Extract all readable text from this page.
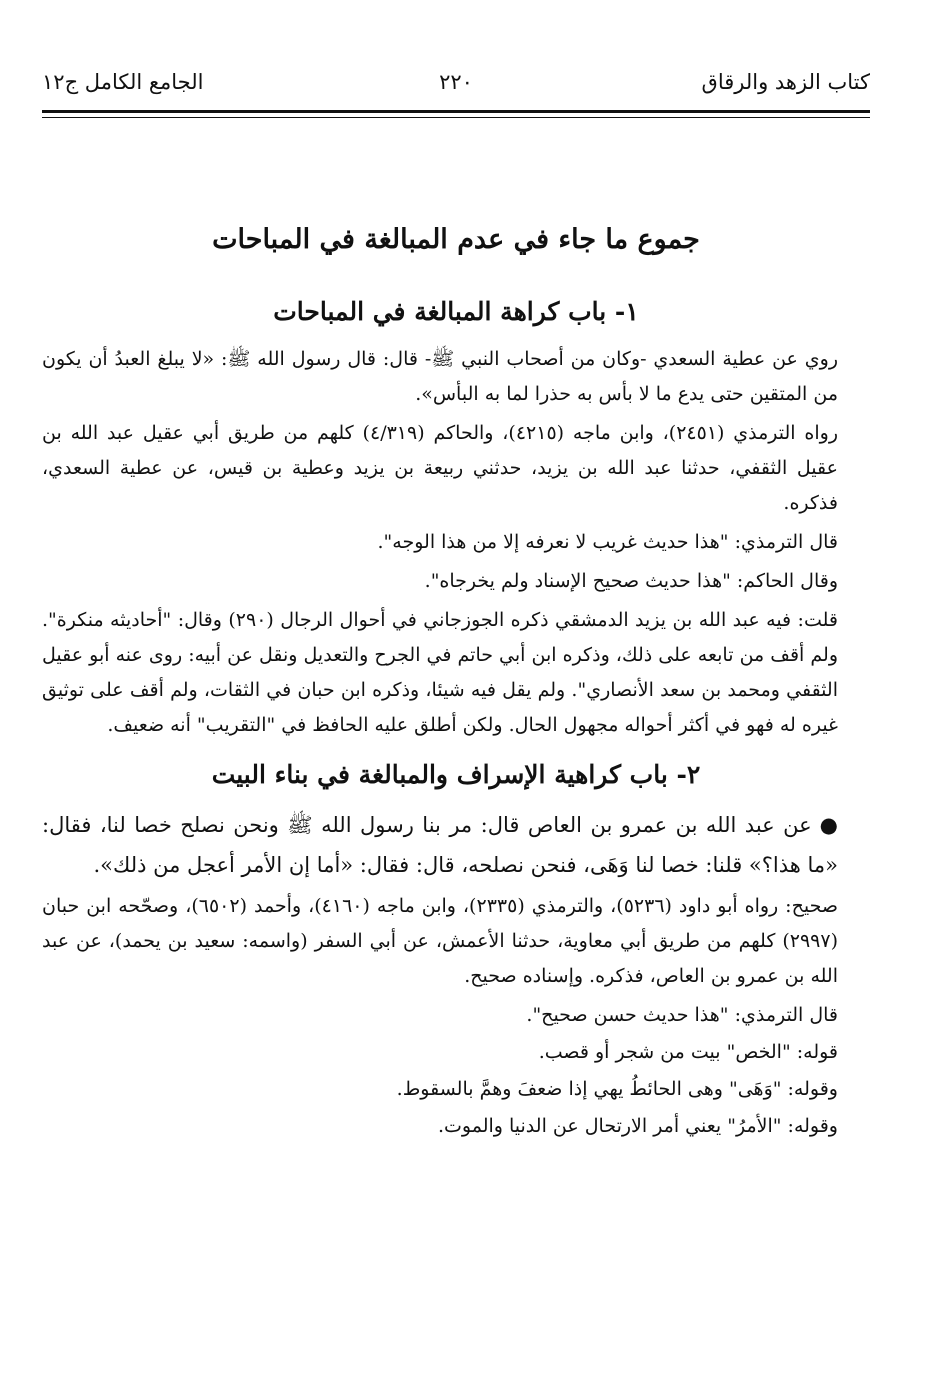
كتاب الزهد والرقاق
٢٢٠
الجامع الكامل ج١٢
جموع ما جاء في عدم المبالغة في المباحات
١- باب كراهة المبالغة في المباحات

روي عن عطية السعدي -وكان من أصحاب النبي ﷺ- قال: قال رسول الله ﷺ: «لا يبلغ العبدُ أن يكون من المتقين حتى يدع ما لا بأس به حذرا لما به البأس».

رواه الترمذي (٢٤٥١)، وابن ماجه (٤٢١٥)، والحاكم (٤/٣١٩) كلهم من طريق أبي عقيل عبد الله بن عقيل الثقفي، حدثنا عبد الله بن يزيد، حدثني ربيعة بن يزيد وعطية بن قيس، عن عطية السعدي، فذكره.

قال الترمذي: "هذا حديث غريب لا نعرفه إلا من هذا الوجه".

وقال الحاكم: "هذا حديث صحيح الإسناد ولم يخرجاه".

قلت: فيه عبد الله بن يزيد الدمشقي ذكره الجوزجاني في أحوال الرجال (٢٩٠) وقال: "أحاديثه منكرة". ولم أقف من تابعه على ذلك، وذكره ابن أبي حاتم في الجرح والتعديل ونقل عن أبيه: روى عنه أبو عقيل الثقفي ومحمد بن سعد الأنصاري". ولم يقل فيه شيئا، وذكره ابن حبان في الثقات، ولم أقف على توثيق غيره له فهو في أكثر أحواله مجهول الحال. ولكن أطلق عليه الحافظ في "التقريب" أنه ضعيف.

٢- باب كراهية الإسراف والمبالغة في بناء البيت

●عن عبد الله بن عمرو بن العاص قال: مر بنا رسول الله ﷺ ونحن نصلح خصا لنا، فقال: «ما هذا؟» قلنا: خصا لنا وَهَى، فنحن نصلحه، قال: فقال: «أما إن الأمر أعجل من ذلك».

صحيح: رواه أبو داود (٥٢٣٦)، والترمذي (٢٣٣٥)، وابن ماجه (٤١٦٠)، وأحمد (٦٥٠٢)، وصحّحه ابن حبان (٢٩٩٧) كلهم من طريق أبي معاوية، حدثنا الأعمش، عن أبي السفر (واسمه: سعيد بن يحمد)، عن عبد الله بن عمرو بن العاص، فذكره. وإسناده صحيح.

قال الترمذي: "هذا حديث حسن صحيح".

قوله: "الخص" بيت من شجر أو قصب.

وقوله: "وَهَى" وهى الحائطُ يهي إذا ضعفَ وهمَّ بالسقوط.

وقوله: "الأمرُ" يعني أمر الارتحال عن الدنيا والموت.
